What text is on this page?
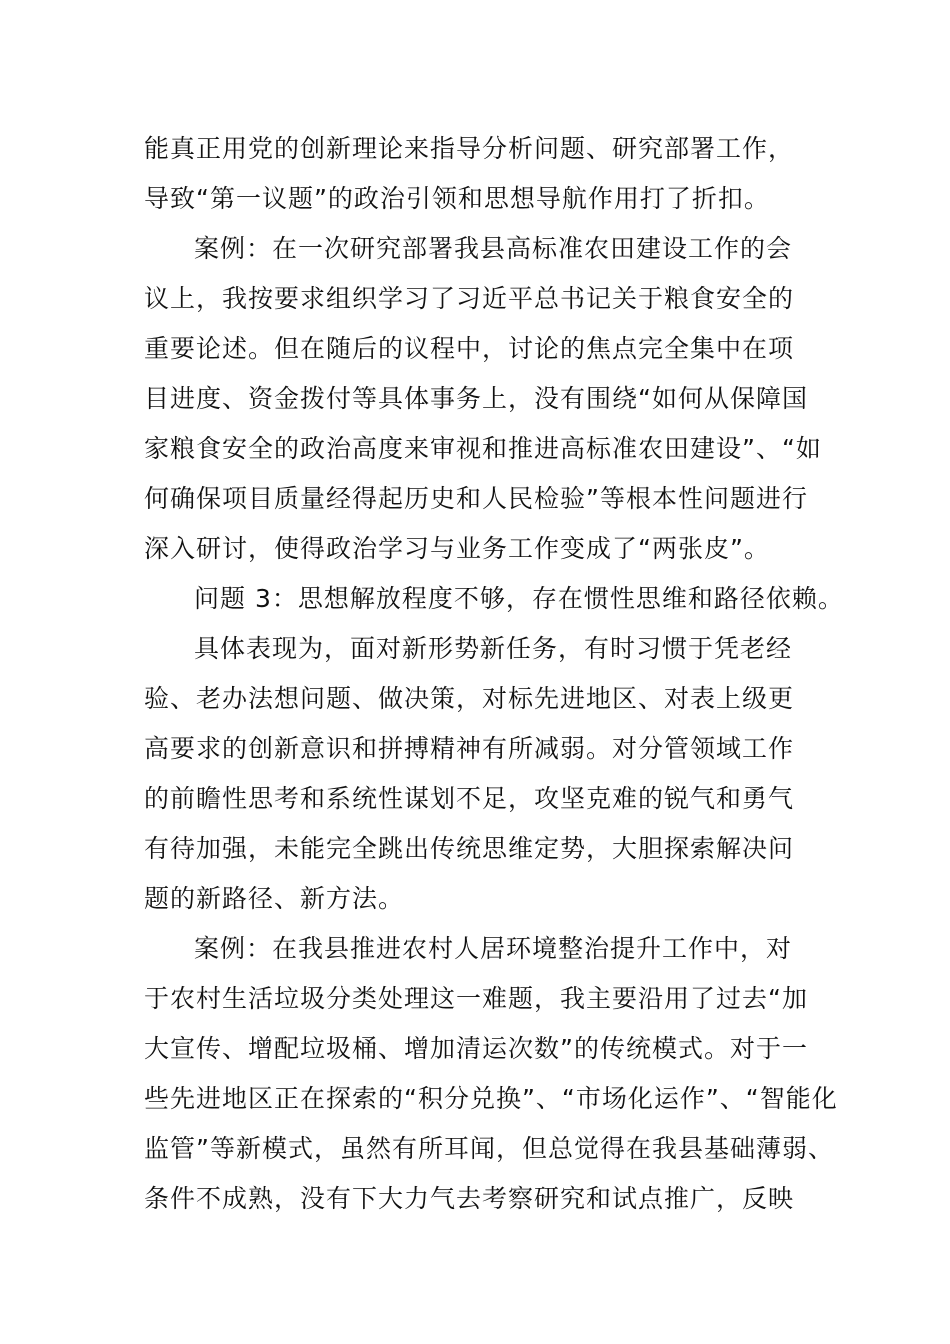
能真正用党的创新理论来指导分析问题、研究部署工作，
导致“第一议题”的政治引领和思想导航作用打了折扣。
案例：在一次研究部署我县高标准农田建设工作的会
议上，我按要求组织学习了习近平总书记关于粮食安全的
重要论述。但在随后的议程中，讨论的焦点完全集中在项
目进度、资金拨付等具体事务上，没有围绕“如何从保障国
家粮食安全的政治高度来审视和推进高标准农田建设”、“如
何确保项目质量经得起历史和人民检验”等根本性问题进行
深入研讨，使得政治学习与业务工作变成了“两张皮”。
问题 3：思想解放程度不够，存在惯性思维和路径依赖。
具体表现为，面对新形势新任务，有时习惯于凭老经
验、老办法想问题、做决策，对标先进地区、对表上级更
高要求的创新意识和拼搏精神有所减弱。对分管领域工作
的前瞻性思考和系统性谋划不足，攻坚克难的锐气和勇气
有待加强，未能完全跳出传统思维定势，大胆探索解决问
题的新路径、新方法。
案例：在我县推进农村人居环境整治提升工作中，对
于农村生活垃圾分类处理这一难题，我主要沿用了过去“加
大宣传、增配垃圾桶、增加清运次数”的传统模式。对于一
些先进地区正在探索的“积分兑换”、“市场化运作”、“智能化
监管”等新模式，虽然有所耳闻，但总觉得在我县基础薄弱、
条件不成熟，没有下大力气去考察研究和试点推广，反映
